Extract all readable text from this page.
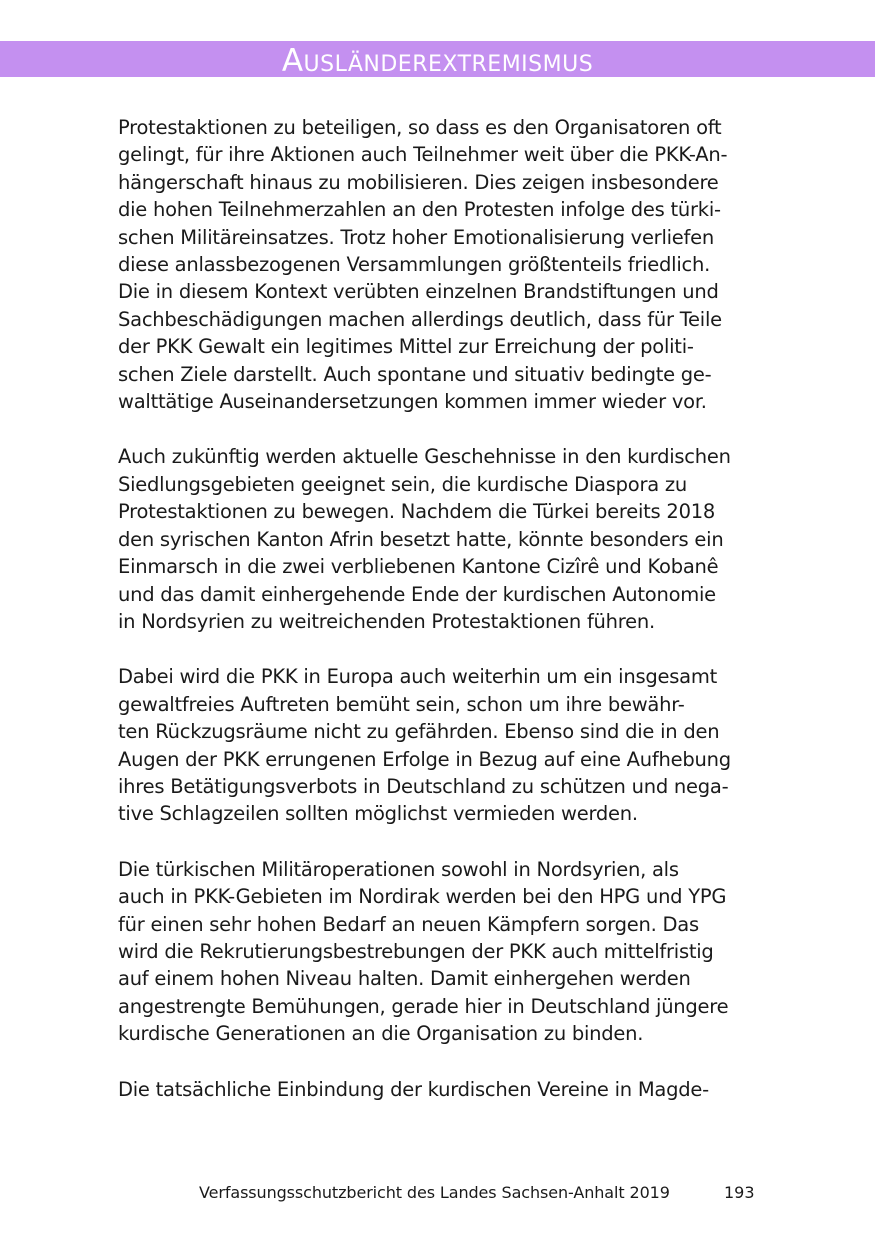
Ausländerextremismus
Protestaktionen zu beteiligen, so dass es den Organisatoren oft
gelingt, für ihre Aktionen auch Teilnehmer weit über die PKK-An-
hängerschaft hinaus zu mobilisieren. Dies zeigen insbesondere
die hohen Teilnehmerzahlen an den Protesten infolge des türki-
schen Militäreinsatzes. Trotz hoher Emotionalisierung verliefen
diese anlassbezogenen Versammlungen größtenteils friedlich.
Die in diesem Kontext verübten einzelnen Brandstiftungen und
Sachbeschädigungen machen allerdings deutlich, dass für Teile
der PKK Gewalt ein legitimes Mittel zur Erreichung der politi-
schen Ziele darstellt. Auch spontane und situativ bedingte ge-
walttätige Auseinandersetzungen kommen immer wieder vor.
Auch zukünftig werden aktuelle Geschehnisse in den kurdischen
Siedlungsgebieten geeignet sein, die kurdische Diaspora zu
Protestaktionen zu bewegen. Nachdem die Türkei bereits 2018
den syrischen Kanton Afrin besetzt hatte, könnte besonders ein
Einmarsch in die zwei verbliebenen Kantone Cizîrê und Kobanê
und das damit einhergehende Ende der kurdischen Autonomie
in Nordsyrien zu weitreichenden Protestaktionen führen.
Dabei wird die PKK in Europa auch weiterhin um ein insgesamt
gewaltfreies Auftreten bemüht sein, schon um ihre bewähr-
ten Rückzugsräume nicht zu gefährden. Ebenso sind die in den
Augen der PKK errungenen Erfolge in Bezug auf eine Aufhebung
ihres Betätigungsverbots in Deutschland zu schützen und nega-
tive Schlagzeilen sollten möglichst vermieden werden.
Die türkischen Militäroperationen sowohl in Nordsyrien, als
auch in PKK-Gebieten im Nordirak werden bei den HPG und YPG
für einen sehr hohen Bedarf an neuen Kämpfern sorgen. Das
wird die Rekrutierungsbestrebungen der PKK auch mittelfristig
auf einem hohen Niveau halten. Damit einhergehen werden
angestrengte Bemühungen, gerade hier in Deutschland jüngere
kurdische Generationen an die Organisation zu binden.
Die tatsächliche Einbindung der kurdischen Vereine in Magde-
Verfassungsschutzbericht des Landes Sachsen-Anhalt 2019	193
